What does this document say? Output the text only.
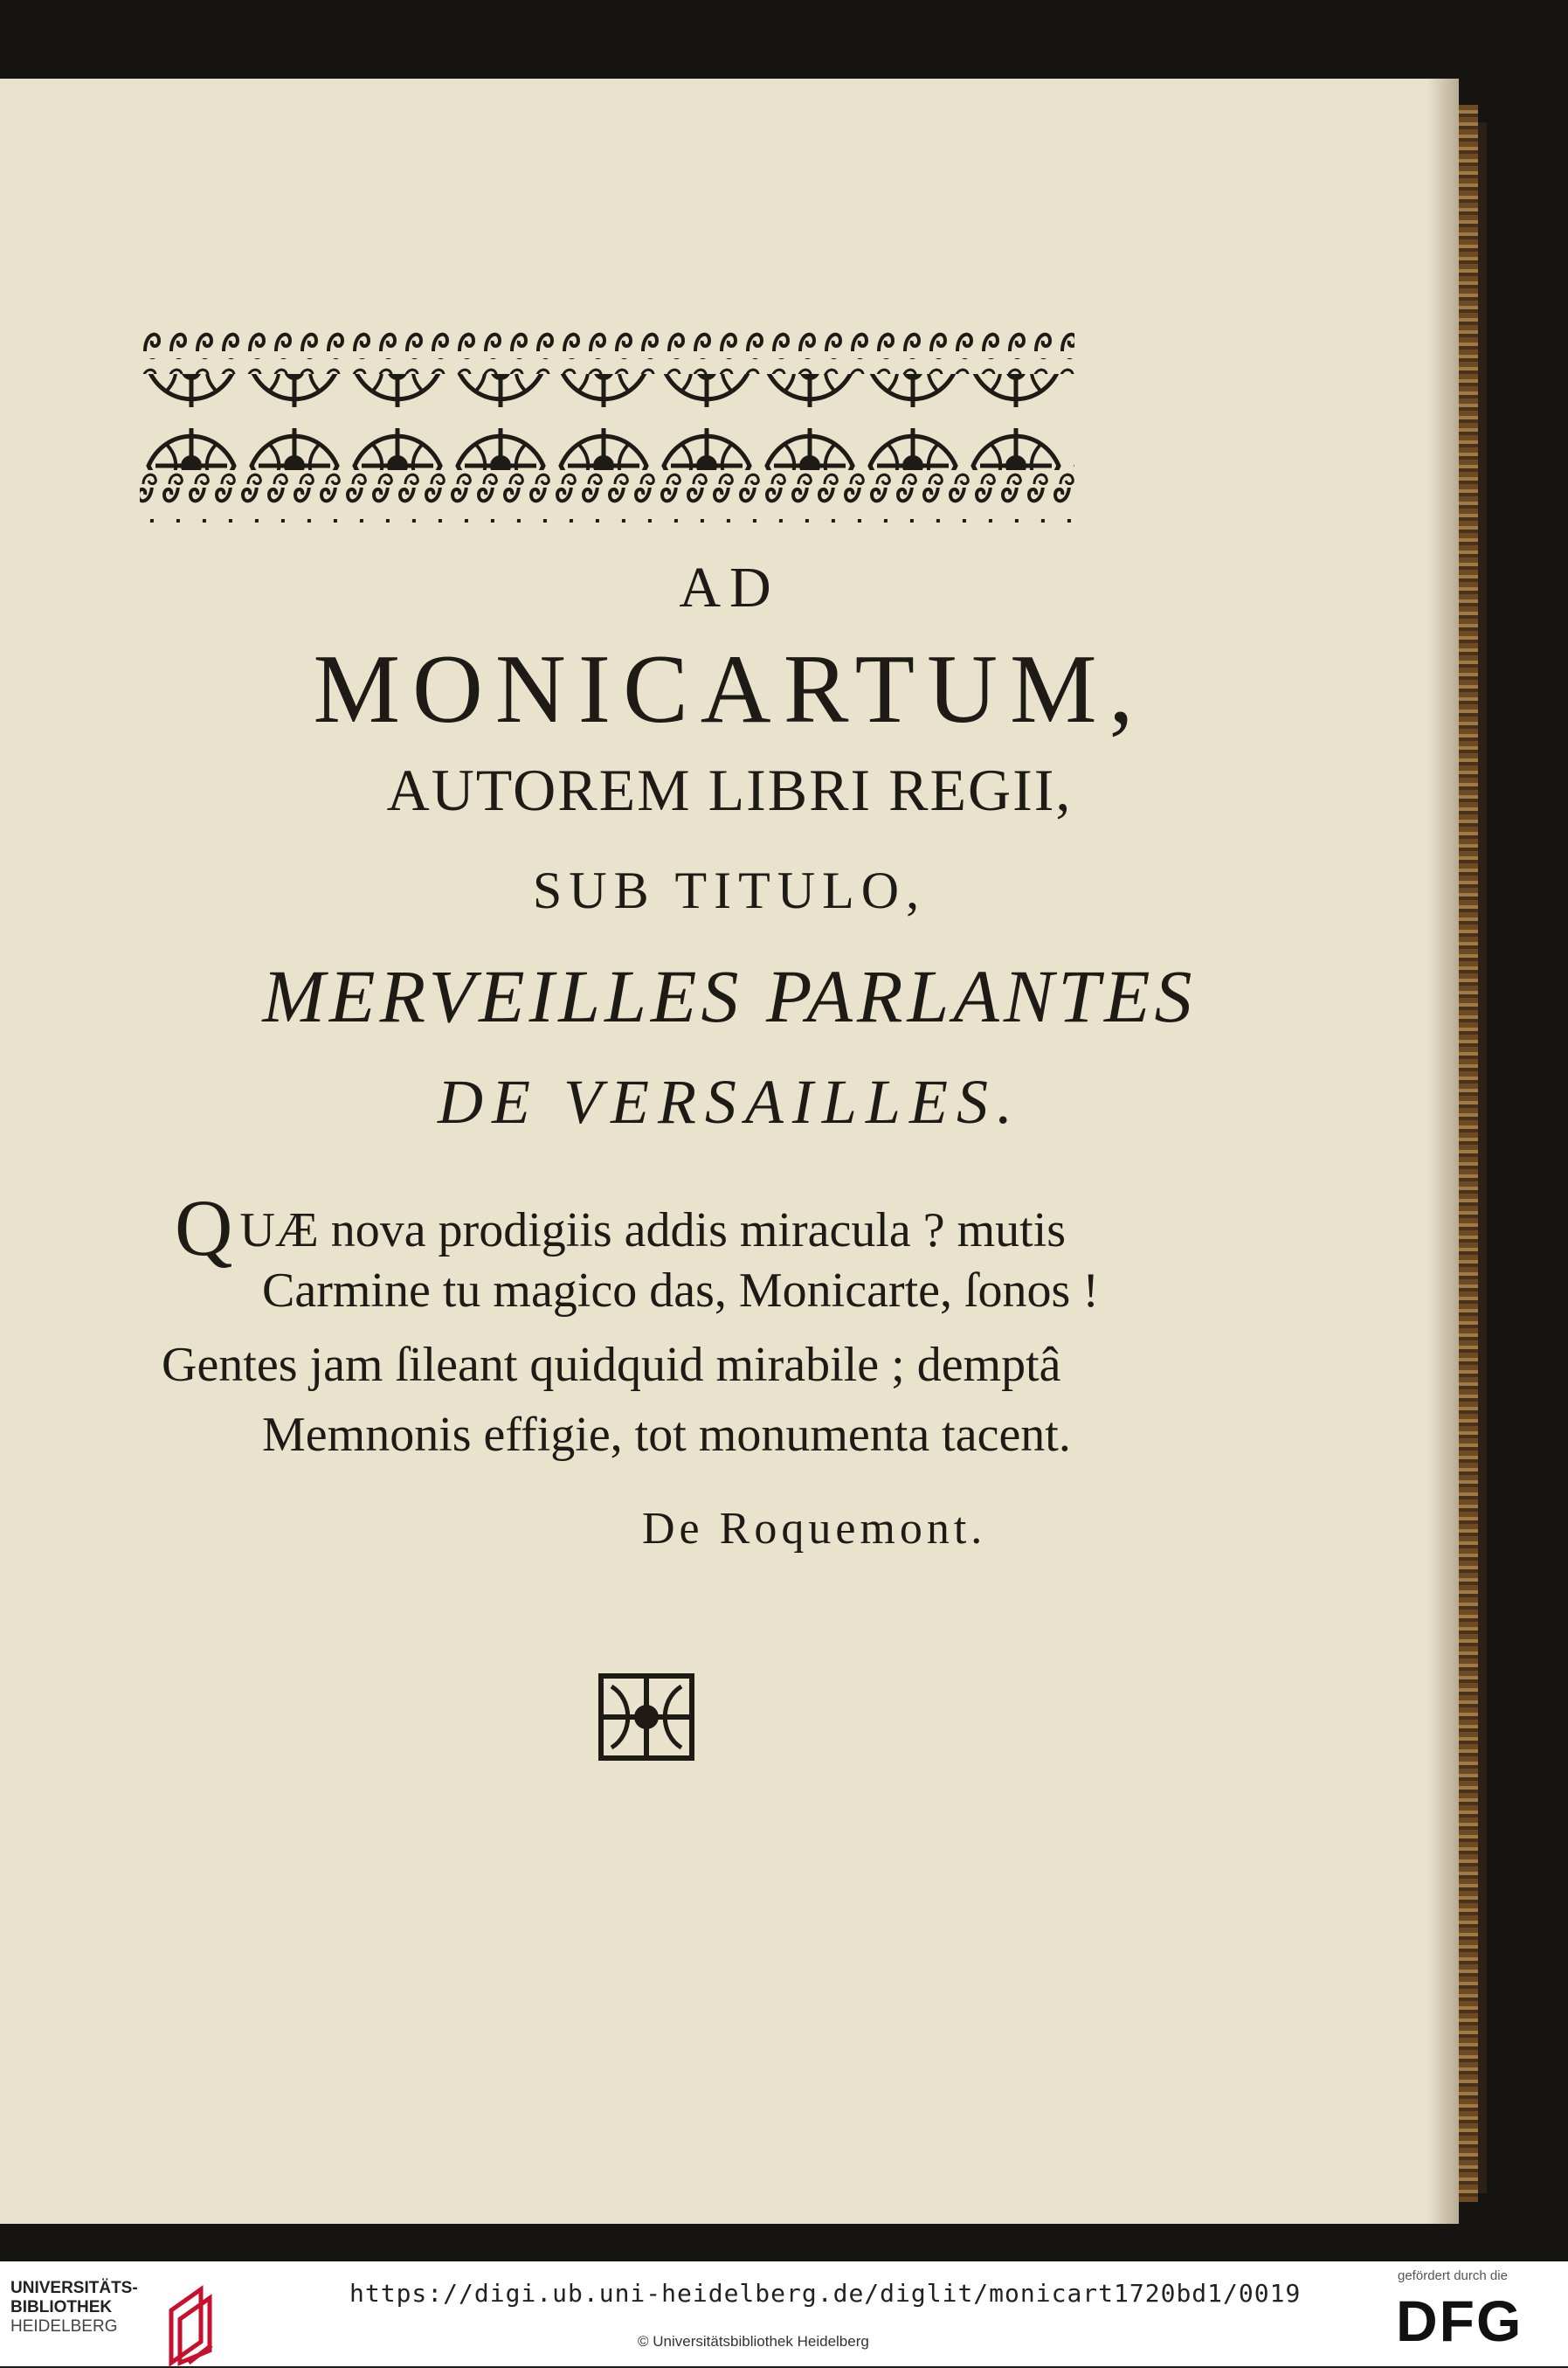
AD
MONICARTUM,
AUTOREM LIBRI REGII,
SUB TITULO,
MERVEILLES PARLANTES
DE VERSAILLES.
QUÆ nova prodigiis addis miracula ? mutis
Carmine tu magico das, Monicarte, ſonos !
Gentes jam ſileant quidquid mirabile ; demptâ
Memnonis effigie, tot monumenta tacent.
De Roquemont.
UNIVERSITÄTS-
BIBLIOTHEK
HEIDELBERG
https://digi.ub.uni-heidelberg.de/diglit/monicart1720bd1/0019
© Universitätsbibliothek Heidelberg
gefördert durch die
DFG
